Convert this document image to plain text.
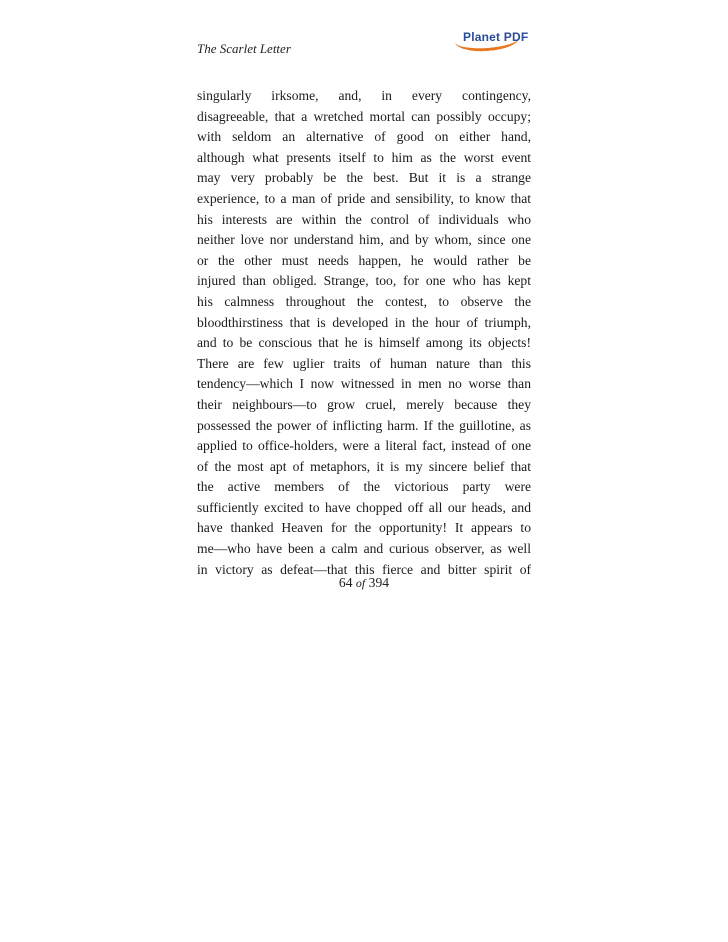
Planet PDF
The Scarlet Letter
singularly irksome, and, in every contingency,
disagreeable, that a wretched mortal can possibly occupy;
with seldom an alternative of good on either hand,
although what presents itself to him as the worst event
may very probably be the best. But it is a strange
experience, to a man of pride and sensibility, to know that
his interests are within the control of individuals who
neither love nor understand him, and by whom, since one
or the other must needs happen, he would rather be
injured than obliged. Strange, too, for one who has kept
his calmness throughout the contest, to observe the
bloodthirstiness that is developed in the hour of triumph,
and to be conscious that he is himself among its objects!
There are few uglier traits of human nature than this
tendency—which I now witnessed in men no worse than
their neighbours—to grow cruel, merely because they
possessed the power of inflicting harm. If the guillotine, as
applied to office-holders, were a literal fact, instead of one
of the most apt of metaphors, it is my sincere belief that
the active members of the victorious party were
sufficiently excited to have chopped off all our heads, and
have thanked Heaven for the opportunity! It appears to
me—who have been a calm and curious observer, as well
in victory as defeat—that this fierce and bitter spirit of
64 of 394
